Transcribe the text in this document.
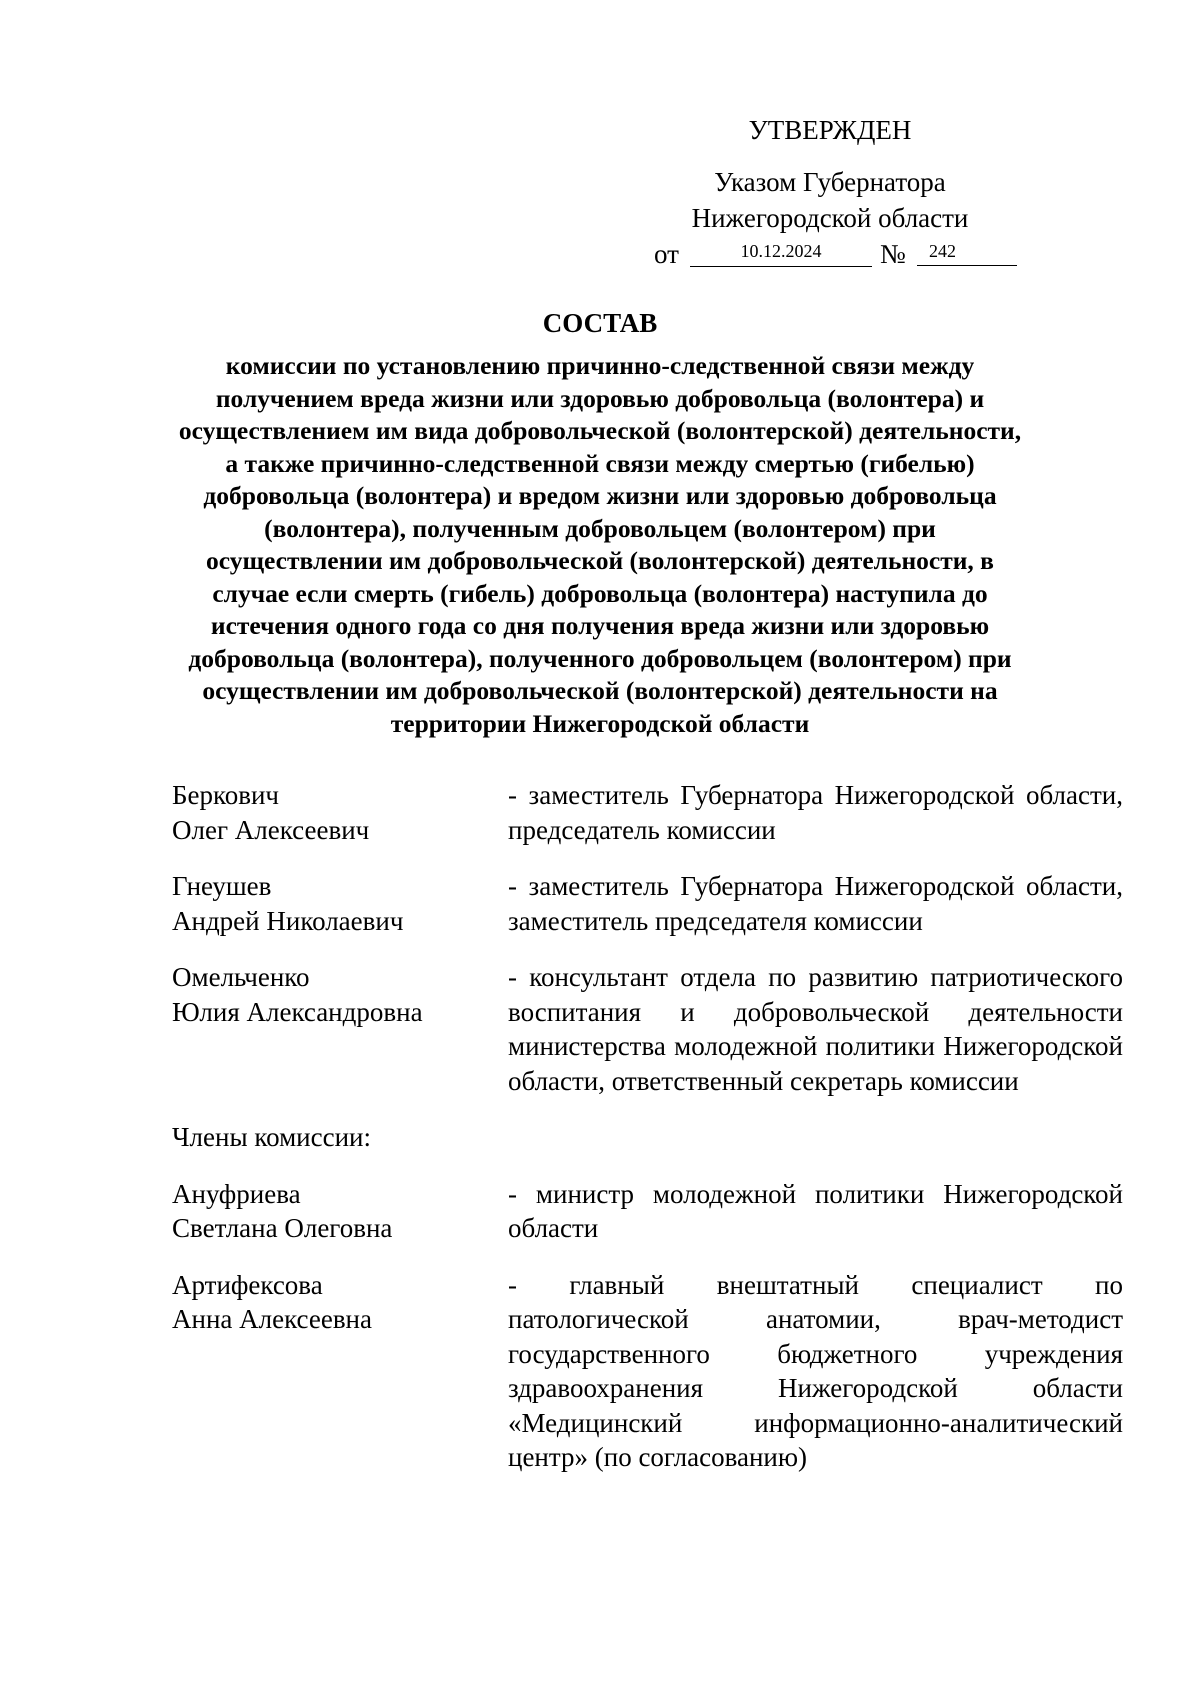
УТВЕРЖДЕН
Указом Губернатора
Нижегородской области
от	10.12.2024	№	242
СОСТАВ

комиссии по установлению причинно-следственной связи между получением вреда жизни или здоровью добровольца (волонтера) и осуществлением им вида добровольческой (волонтерской) деятельности, а также причинно-следственной связи между смертью (гибелью) добровольца (волонтера) и вредом жизни или здоровью добровольца (волонтера), полученным добровольцем (волонтером) при осуществлении им добровольческой (волонтерской) деятельности, в случае если смерть (гибель) добровольца (волонтера) наступила до истечения одного года со дня получения вреда жизни или здоровью добровольца (волонтера), полученного добровольцем (волонтером) при осуществлении им добровольческой (волонтерской) деятельности на территории Нижегородской области

Беркович
Олег Алексеевич
- заместитель Губернатора Нижегородской области, председатель комиссии
Гнеушев
Андрей Николаевич
- заместитель Губернатора Нижегородской области, заместитель председателя комиссии
Омельченко
Юлия Александровна
- консультант отдела по развитию патриотического воспитания и добровольческой деятельности министерства молодежной политики Нижегородской области, ответственный секретарь комиссии
Члены комиссии:
Ануфриева
Светлана Олеговна
- министр молодежной политики Нижегородской области
Артифексова
Анна Алексеевна
- главный внештатный специалист по патологической анатомии, врач-методист государственного бюджетного учреждения здравоохранения Нижегородской области «Медицинский информационно-аналитический центр» (по согласованию)
